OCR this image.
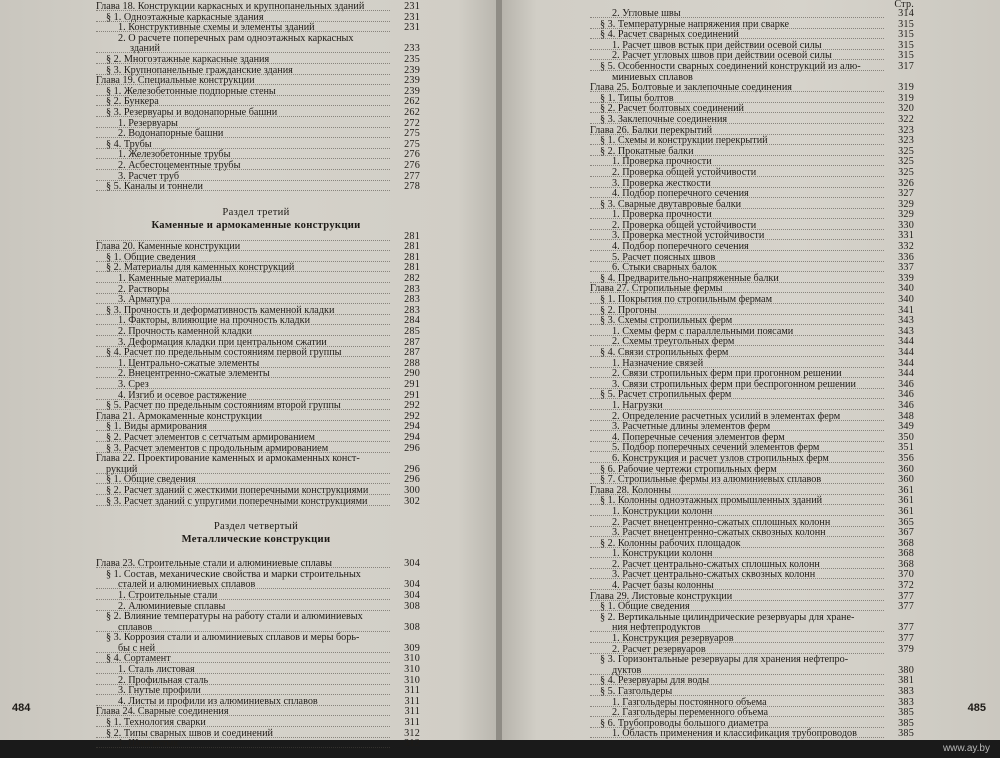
Глава 18. Конструкции каркасных и крупнопанельных зданий	231
§ 1. Одноэтажные каркасные здания	231
1. Конструктивные схемы и элементы зданий	231
2. О расчете поперечных рам одноэтажных каркасных
зданий	233
§ 2. Многоэтажные каркасные здания	235
§ 3. Крупнопанельные гражданские здания	239
Глава 19. Специальные конструкции	239
§ 1. Железобетонные подпорные стены	239
§ 2. Бункера	262
§ 3. Резервуары и водонапорные башни	262
1. Резервуары	272
2. Водонапорные башни	275
§ 4. Трубы	275
1. Железобетонные трубы	276
2. Асбестоцементные трубы	276
3. Расчет труб	277
§ 5. Каналы и тоннели	278
Раздел третий
Каменные и армокаменные конструкции
281
Глава 20. Каменные конструкции	281
§ 1. Общие сведения	281
§ 2. Материалы для каменных конструкций	281
1. Каменные материалы	282
2. Растворы	283
3. Арматура	283
§ 3. Прочность и деформативность каменной кладки	283
1. Факторы, влияющие на прочность кладки	284
2. Прочность каменной кладки	285
3. Деформация кладки при центральном сжатии	287
§ 4. Расчет по предельным состояниям первой группы	287
1. Центрально-сжатые элементы	288
2. Внецентренно-сжатые элементы	290
3. Срез	291
4. Изгиб и осевое растяжение	291
§ 5. Расчет по предельным состояниям второй группы	292
Глава 21. Армокаменные конструкции	292
§ 1. Виды армирования	294
§ 2. Расчет элементов с сетчатым армированием	294
§ 3. Расчет элементов с продольным армированием	296
Глава 22. Проектирование каменных и армокаменных конст-
рукций	296
§ 1. Общие сведения	296
§ 2. Расчет зданий с жесткими поперечными конструкциями	300
§ 3. Расчет зданий с упругими поперечными конструкциями	302
Раздел четвертый
Металлические конструкции
Глава 23. Строительные стали и алюминиевые сплавы	304
§ 1. Состав, механические свойства и марки строительных
сталей и алюминиевых сплавов	304
1. Строительные стали	304
2. Алюминиевые сплавы	308
§ 2. Влияние температуры на работу стали и алюминиевых
сплавов	308
§ 3. Коррозия стали и алюминиевых сплавов и меры борь-
бы с ней	309
§ 4. Сортамент	310
1. Сталь листовая	310
2. Профильная сталь	310
3. Гнутые профили	311
4. Листы и профили из алюминиевых сплавов	311
Глава 24. Сварные соединения	311
§ 1. Технология сварки	311
§ 2. Типы сварных швов и соединений	312
1. Швы встык	312
484
Стр.
2. Угловые швы	314
§ 3. Температурные напряжения при сварке	315
§ 4. Расчет сварных соединений	315
1. Расчет швов встык при действии осевой силы	315
2. Расчет угловых швов при действии осевой силы	315
§ 5. Особенности сварных соединений конструкций из алю-	317
миниевых сплавов
Глава 25. Болтовые и заклепочные соединения	319
§ 1. Типы болтов	319
§ 2. Расчет болтовых соединений	320
§ 3. Заклепочные соединения	322
Глава 26. Балки перекрытий	323
§ 1. Схемы и конструкции перекрытий	323
§ 2. Прокатные балки	325
1. Проверка прочности	325
2. Проверка общей устойчивости	325
3. Проверка жесткости	326
4. Подбор поперечного сечения	327
§ 3. Сварные двутавровые балки	329
1. Проверка прочности	329
2. Проверка общей устойчивости	330
3. Проверка местной устойчивости	331
4. Подбор поперечного сечения	332
5. Расчет поясных швов	336
6. Стыки сварных балок	337
§ 4. Предварительно-напряженные балки	339
Глава 27. Стропильные фермы	340
§ 1. Покрытия по стропильным фермам	340
§ 2. Прогоны	341
§ 3. Схемы стропильных ферм	343
1. Схемы ферм с параллельными поясами	343
2. Схемы треугольных ферм	344
§ 4. Связи стропильных ферм	344
1. Назначение связей	344
2. Связи стропильных ферм при прогонном решении	344
3. Связи стропильных ферм при беспрогонном решении	346
§ 5. Расчет стропильных ферм	346
1. Нагрузки	346
2. Определение расчетных усилий в элементах ферм	348
3. Расчетные длины элементов ферм	349
4. Поперечные сечения элементов ферм	350
5. Подбор поперечных сечений элементов ферм	351
6. Конструкция и расчет узлов стропильных ферм	356
§ 6. Рабочие чертежи стропильных ферм	360
§ 7. Стропильные фермы из алюминиевых сплавов	360
Глава 28. Колонны	361
§ 1. Колонны одноэтажных промышленных зданий	361
1. Конструкции колонн	361
2. Расчет внецентренно-сжатых сплошных колонн	365
3. Расчет внецентренно-сжатых сквозных колонн	367
§ 2. Колонны рабочих площадок	368
1. Конструкции колонн	368
2. Расчет центрально-сжатых сплошных колонн	368
3. Расчет центрально-сжатых сквозных колонн	370
4. Расчет базы колонны	372
Глава 29. Листовые конструкции	377
§ 1. Общие сведения	377
§ 2. Вертикальные цилиндрические резервуары для хране-
ния нефтепродуктов	377
1. Конструкция резервуаров	377
2. Расчет резервуаров	379
§ 3. Горизонтальные резервуары для хранения нефтепро-
дуктов	380
§ 4. Резервуары для воды	381
§ 5. Газгольдеры	383
1. Газгольдеры постоянного объема	383
2. Газгольдеры переменного объема	385
§ 6. Трубопроводы большого диаметра	385
1. Область применения и классификация трубопроводов	385
485
www.ay.by
